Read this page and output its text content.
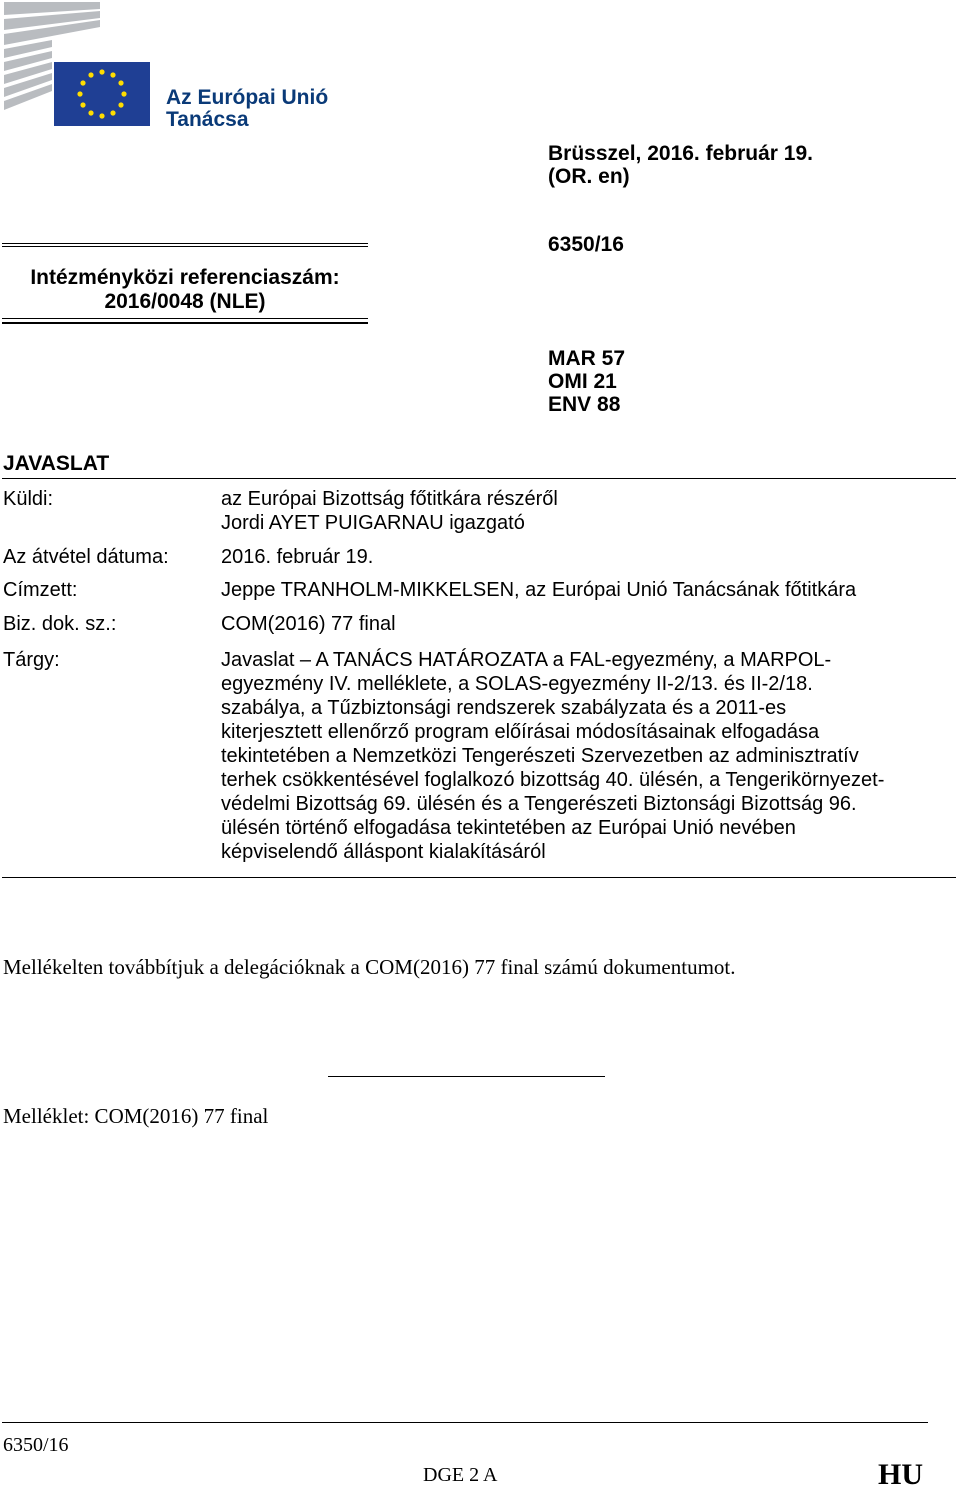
Az Európai Unió
Tanácsa
Brüsszel, 2016. február 19.
(OR. en)
6350/16
Intézményközi referenciaszám:
2016/0048 (NLE)
MAR 57
OMI 21
ENV 88
JAVASLAT
Küldi:	az Európai Bizottság főtitkára részéről
Jordi AYET PUIGARNAU igazgató
Az átvétel dátuma:	2016. február 19.
Címzett:	Jeppe TRANHOLM-MIKKELSEN, az Európai Unió Tanácsának főtitkára
Biz. dok. sz.:	COM(2016) 77 final
Tárgy:	Javaslat – A TANÁCS HATÁROZATA a FAL-egyezmény, a MARPOL-

egyezmény IV. melléklete, a SOLAS-egyezmény II-2/13. és II-2/18.

szabálya, a Tűzbiztonsági rendszerek szabályzata és a 2011-es

kiterjesztett ellenőrző program előírásai módosításainak elfogadása

tekintetében a Nemzetközi Tengerészeti Szervezetben az adminisztratív

terhek csökkentésével foglalkozó bizottság 40. ülésén, a Tengerikörnyezet-

védelmi Bizottság 69. ülésén és a Tengerészeti Biztonsági Bizottság 96.

ülésén történő elfogadása tekintetében az Európai Unió nevében

képviselendő álláspont kialakításáról

Mellékelten továbbítjuk a delegációknak a COM(2016) 77 final számú dokumentumot.
Melléklet: COM(2016) 77 final
6350/16
DGE 2 A	HU
